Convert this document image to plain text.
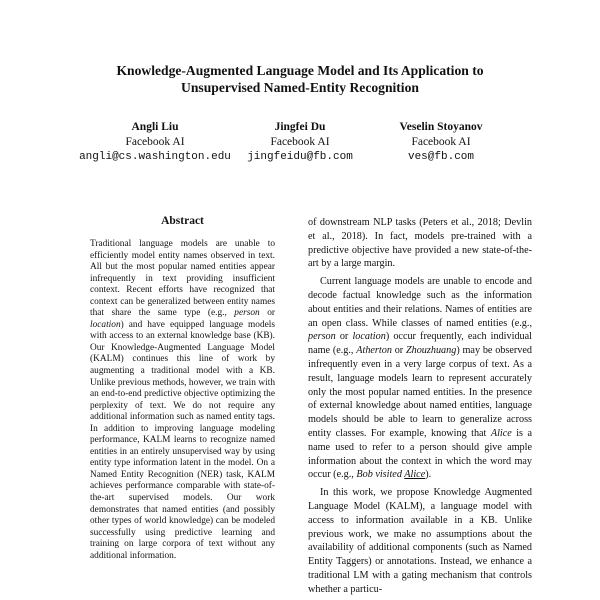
Knowledge-Augmented Language Model and Its Application to
Unsupervised Named-Entity Recognition
Angli Liu
Facebook AI
angli@cs.washington.edu
Jingfei Du
Facebook AI
jingfeidu@fb.com
Veselin Stoyanov
Facebook AI
ves@fb.com
Abstract

Traditional language models are unable to efficiently model entity names observed in text. All but the most popular named entities appear infrequently in text providing insufficient context. Recent efforts have recognized that context can be generalized between entity names that share the same type (e.g., person or location) and have equipped language models with access to an external knowledge base (KB). Our Knowledge-Augmented Language Model (KALM) continues this line of work by augmenting a traditional model with a KB. Unlike previous methods, however, we train with an end-to-end predictive objective optimizing the perplexity of text. We do not require any additional information such as named entity tags. In addition to improving language modeling performance, KALM learns to recognize named entities in an entirely unsupervised way by using entity type information latent in the model. On a Named Entity Recognition (NER) task, KALM achieves performance comparable with state-of-the-art supervised models. Our work demonstrates that named entities (and possibly other types of world knowledge) can be modeled successfully using predictive learning and training on large corpora of text without any additional information.

of downstream NLP tasks (Peters et al., 2018; Devlin et al., 2018). In fact, models pre-trained with a predictive objective have provided a new state-of-the-art by a large margin.

Current language models are unable to encode and decode factual knowledge such as the information about entities and their relations. Names of entities are an open class. While classes of named entities (e.g., person or location) occur frequently, each individual name (e.g., Atherton or Zhouzhuang) may be observed infrequently even in a very large corpus of text. As a result, language models learn to represent accurately only the most popular named entities. In the presence of external knowledge about named entities, language models should be able to learn to generalize across entity classes. For example, knowing that Alice is a name used to refer to a person should give ample information about the context in which the word may occur (e.g., Bob visited Alice).

In this work, we propose Knowledge Augmented Language Model (KALM), a language model with access to information available in a KB. Unlike previous work, we make no assumptions about the availability of additional components (such as Named Entity Taggers) or annotations. Instead, we enhance a traditional LM with a gating mechanism that controls whether a particu-
